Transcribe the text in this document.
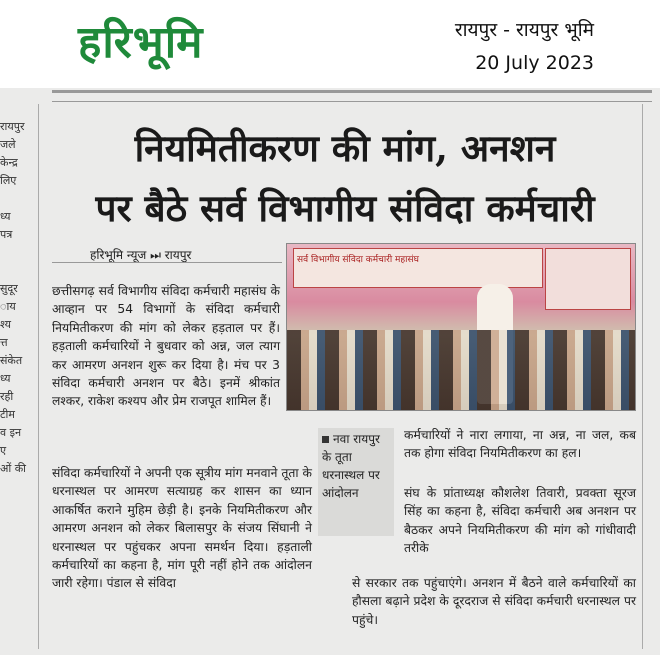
हरिभूमि	रायपुर - रायपुर भूमि
20 July 2023
रायपुर
जले
केन्द्र
लिए

ध्य
पत्र

सुदूर
ाय
श्य
त्त
संकेत
ध्य
रही
टीम
व इन
ए
ओं की
नियमितीकरण की मांग, अनशन
पर बैठे सर्व विभागीय संविदा कर्मचारी
हरिभूमि न्यूज ⏭ रायपुर	सर्व विभागीय संविदा कर्मचारी महासंघ
छत्तीसगढ़ सर्व विभागीय संविदा कर्मचारी महासंघ के आव्हान पर 54 विभागों के संविदा कर्मचारी नियमितीकरण की मांग को लेकर हड़ताल पर हैं। हड़ताली कर्मचारियों ने बुधवार को अन्न, जल त्याग कर आमरण अनशन शुरू कर दिया है। मंच पर 3 संविदा कर्मचारी अनशन पर बैठे। इनमें श्रीकांत लश्कर, राकेश कश्यप और प्रेम राजपूत शामिल हैं।
नवा रायपुर के तूता धरनास्थल पर आंदोलन
संविदा कर्मचारियों ने अपनी एक सूत्रीय मांग मनवाने तूता के धरनास्थल पर आमरण सत्याग्रह कर शासन का ध्यान आकर्षित कराने मुहिम छेड़ी है। इनके नियमितीकरण और आमरण अनशन को लेकर बिलासपुर के संजय सिंघानी ने धरनास्थल पर पहुंचकर अपना समर्थन दिया। हड़ताली कर्मचारियों का कहना है, मांग पूरी नहीं होने तक आंदोलन जारी रहेगा। पंडाल से संविदा
कर्मचारियों ने नारा लगाया, ना अन्न, ना जल, कब तक होगा संविदा नियमितीकरण का हल।
संघ के प्रांताध्यक्ष कौशलेश तिवारी, प्रवक्ता सूरज सिंह का कहना है, संविदा कर्मचारी अब अनशन पर बैठकर अपने नियमितीकरण की मांग को गांधीवादी तरीके
से सरकार तक पहुंचाएंगे। अनशन में बैठने वाले कर्मचारियों का हौसला बढ़ाने प्रदेश के दूरदराज से संविदा कर्मचारी धरनास्थल पर पहुंचे।
